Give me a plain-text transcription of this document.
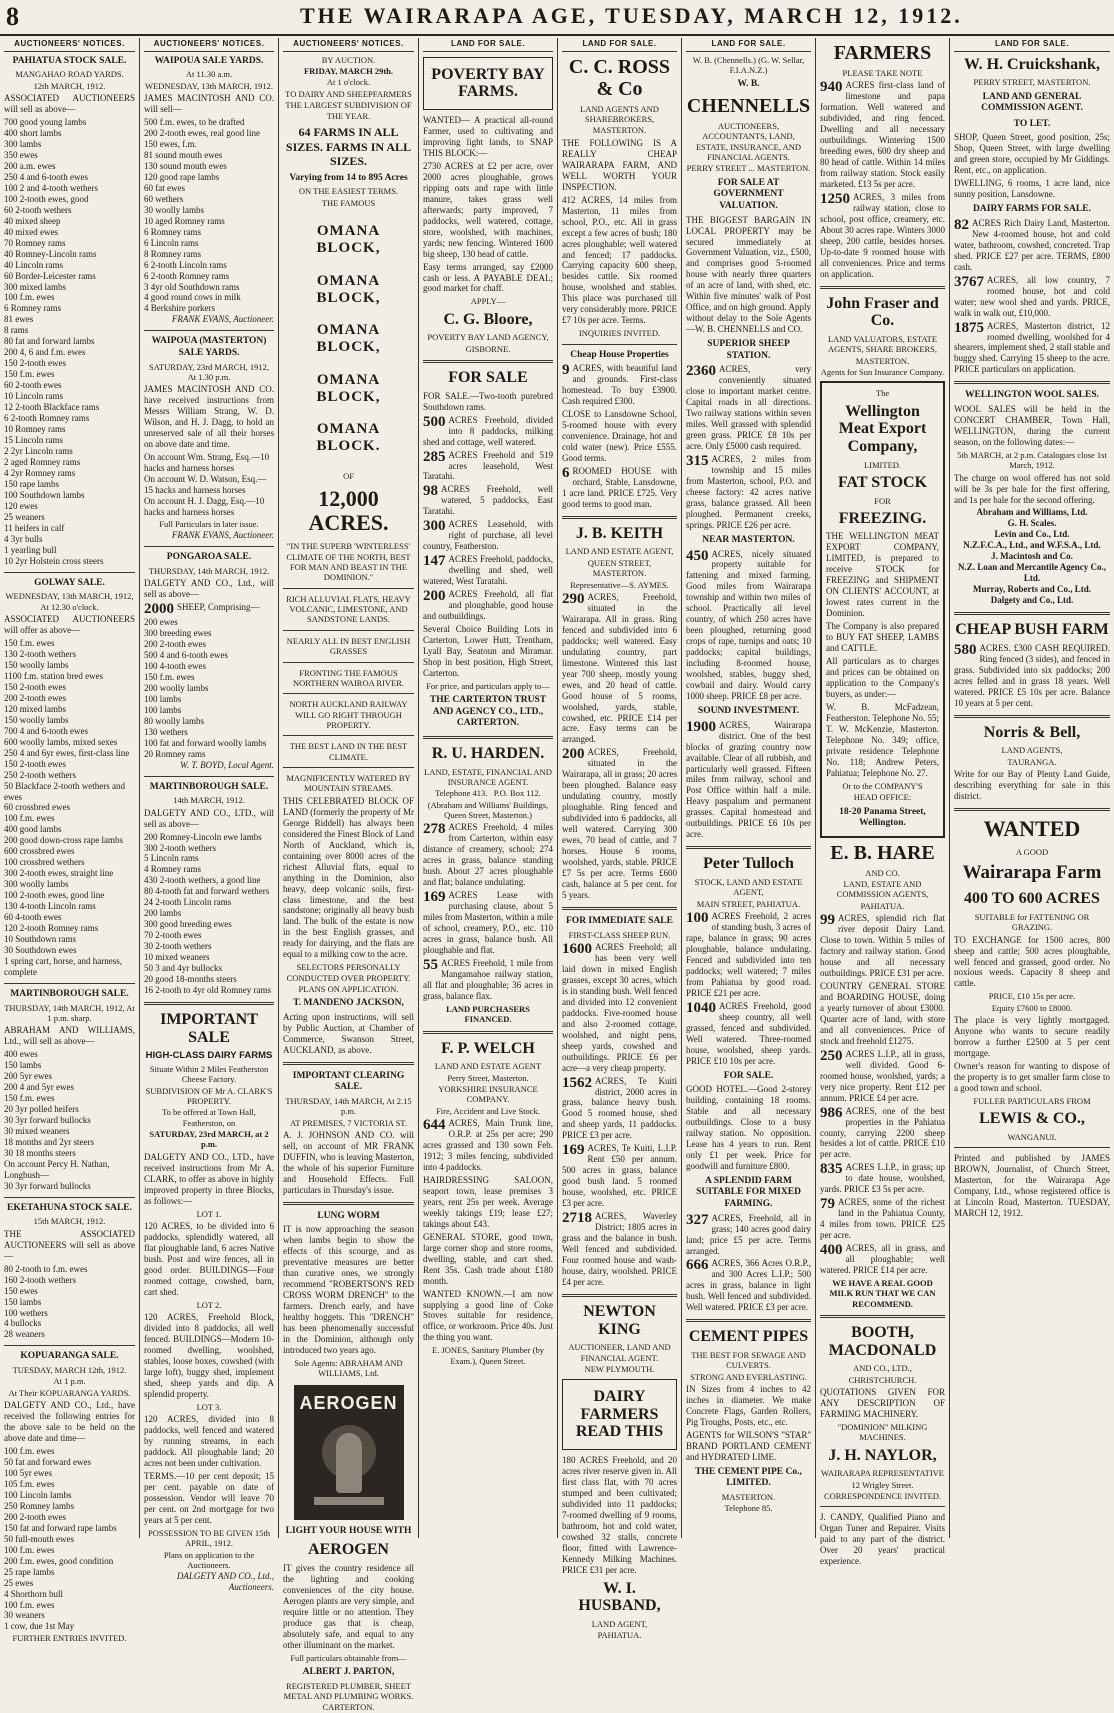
8	THE WAIRARAPA AGE, TUESDAY, MARCH 12, 1912.
AUCTIONEERS' NOTICES.
PAHIATUA STOCK SALE.
MANGAHAO ROAD YARDS.
12th MARCH, 1912.
ASSOCIATED AUCTIONEERS will sell as above—

700 good young lambs

400 short lambs

300 lambs

350 ewes

200 a.m. ewes

250 4 and 6-tooth ewes

100 2 and 4-tooth wethers

100 2-tooth ewes, good

60 2-tooth wethers

40 mixed sheep

40 mixed ewes

70 Romney rams

40 Romney-Lincoln rams

40 Lincoln rams

60 Border-Leicester rams

300 mixed lambs

100 f.m. ewes

6 Romney rams

81 ewes

8 rams

80 fat and forward lambs

200 4, 6 and f.m. ewes

150 2-tooth ewes

150 f.m. ewes

60 2-tooth ewes

10 Lincoln rams

12 2-tooth Blackface rams

6 2-tooth Romney rams

10 Romney rams

15 Lincoln rams

2 2yr Lincoln rams

2 aged Romney rams

4 2yr Romney rams

150 rape lambs

100 Southdown lambs

120 ewes

25 weaners

11 heifers in calf

4 3yr bulls

1 yearling bull

10 2yr Holstein cross steers

GOLWAY SALE.
WEDNESDAY, 13th MARCH, 1912, At 12.30 o'clock.
ASSOCIATED AUCTIONEERS will offer as above—

150 f.m. ewes

130 2-tooth wethers

150 woolly lambs

1100 f.m. station bred ewes

150 2-tooth ewes

200 2-tooth ewes

120 mixed lambs

150 woolly lambs

700 4 and 6-tooth ewes

600 woolly lambs, mixed sexes

250 4 and 6yr ewes, first-class line

150 2-tooth ewes

250 2-tooth wethers

50 Blackface 2-tooth wethers and ewes

60 crossbred ewes

100 f.m. ewes

400 good lambs

200 good down-cross rape lambs

600 crossbred ewes

100 crossbred wethers

300 2-tooth ewes, straight line

300 woolly lambs

100 2-tooth ewes, good line

130 4-tooth Lincoln rams

60 4-tooth ewes

120 2-tooth Romney rams

10 Southdown rams

30 Southdown ewes

1 spring cart, horse, and harness, complete

MARTINBOROUGH SALE.
THURSDAY, 14th MARCH, 1912, At 1 p.m. sharp.
ABRAHAM AND WILLIAMS, Ltd., will sell as above—

400 ewes

150 lambs

200 5yr ewes

200 4 and 5yr ewes

150 f.m. ewes

20 3yr polled heifers

30 3yr forward bullocks

30 mixed weaners

18 months and 2yr steers

30 18 months steers

On account Percy H. Nathan, Longbush—

30 3yr forward bullocks

EKETAHUNA STOCK SALE.
15th MARCH, 1912.
THE ASSOCIATED AUCTIONEERS will sell as above—

80 2-tooth to f.m. ewes

160 2-tooth wethers

150 ewes

150 lambs

100 wethers

4 bullocks

28 weaners

KOPUARANGA SALE.
TUESDAY, MARCH 12th, 1912.
At 1 p.m.
At Their KOPUARANGA YARDS.
DALGETY AND CO., Ltd., have received the following entries for the above sale to be held on the above date and time—

100 f.m. ewes

50 fat and forward ewes

100 5yr ewes

105 f.m. ewes

100 Lincoln lambs

250 Romney lambs

200 2-tooth ewes

150 fat and forward rape lambs

50 full-mouth ewes

100 f.m. ewes

200 f.m. ewes, good condition

25 rape lambs

25 ewes

4 Shorthorn bull

100 f.m. ewes

30 weaners

1 cow, due 1st May

FURTHER ENTRIES INVITED.
AUCTIONEERS' NOTICES.
WAIPOUA SALE YARDS.
At 11.30 a.m.
WEDNESDAY, 13th MARCH, 1912.
JAMES MACINTOSH AND CO. will sell—

500 f.m. ewes, to be drafted

200 2-tooth ewes, real good line

150 ewes, f.m.

81 sound mouth ewes

130 sound mouth ewes

120 good rape lambs

60 fat ewes

60 wethers

30 woolly lambs

10 aged Romney rams

6 Romney rams

6 Lincoln rams

8 Romney rams

6 2-tooth Lincoln rams

6 2-tooth Romney rams

3 4yr old Southdown rams

4 good round cows in milk

4 Berkshire porkers

FRANK EVANS, Auctioneer.
WAIPOUA (MASTERTON) SALE YARDS.
SATURDAY, 23rd MARCH, 1912, At 1.30 p.m.
JAMES MACINTOSH AND CO. have received instructions from Messrs William Strang, W. D. Wilson, and H. J. Dagg, to hold an unreserved sale of all their horses on above date and time.

On account Wm. Strang, Esq.—10 hacks and harness horses

On account W. D. Watson, Esq.—15 hacks and harness horses

On account H. J. Dagg, Esq.—10 hacks and harness horses

Full Particulars in later issue.
FRANK EVANS, Auctioneer.
PONGAROA SALE.
THURSDAY, 14th MARCH, 1912.
DALGETY AND CO., Ltd., will sell as above—
2000 SHEEP, Comprising—

200 ewes

300 breeding ewes

200 2-tooth ewes

500 4 and 6-tooth ewes

100 4-tooth ewes

150 f.m. ewes

200 woolly lambs

100 lambs

100 lambs

80 woolly lambs

130 wethers

100 fat and forward woolly lambs

20 Romney rams

W. T. BOYD, Local Agent.
MARTINBOROUGH SALE.
14th MARCH, 1912.
DALGETY AND CO., LTD., will sell as above—

200 Romney-Lincoln ewe lambs

300 2-tooth wethers

5 Lincoln rams

4 Romney rams

430 2-tooth wethers, a good line

80 4-tooth fat and forward wethers

24 2-tooth Lincoln rams

200 lambs

300 good breeding ewes

70 2-tooth ewes

30 2-tooth wethers

10 mixed weaners

50 3 and 4yr bullocks

20 good 18-months steers

16 2-tooth to 4yr old Romney rams

IMPORTANT SALE
HIGH-CLASS DAIRY FARMS
Situate Within 2 Miles Featherston Cheese Factory.
SUBDIVISION OF Mr A. CLARK'S PROPERTY.
To be offered at Town Hall, Featherston, on
SATURDAY, 23rd MARCH, at 2 p.m.
DALGETY AND CO., LTD., have received instructions from Mr A. CLARK, to offer as above in highly improved property in three Blocks, as follows:—
LOT 1.
120 ACRES, to be divided into 6 paddocks, splendidly watered, all flat ploughable land, 6 acres Native bush. Post and wire fences, all in good order. BUILDINGS—Four roomed cottage, cowshed, barn, cart shed.
LOT 2.
120 ACRES, Freehold Block, divided into 8 paddocks, all well fenced. BUILDINGS—Modern 10-roomed dwelling, woolshed, stables, loose boxes, cowshed (with large loft), buggy shed, implement shed, sheep yards and dip. A splendid property.
LOT 3.
120 ACRES, divided into 8 paddocks, well fenced and watered by running streams, in each paddock. All ploughable land; 20 acres not been under cultivation.
TERMS.—10 per cent deposit; 15 per cent. payable on date of possession. Vendor will leave 70 per cent. on 2nd mortgage for two years at 5 per cent.
POSSESSION TO BE GIVEN 15th APRIL, 1912.
Plans on application to the Auctioneers.
DALGETY AND CO., Ltd., Auctioneers.
AUCTIONEERS' NOTICES.
BY AUCTION.
FRIDAY, MARCH 29th.
At 1 o'clock.
TO DAIRY AND SHEEPFARMERS
THE LARGEST SUBDIVISION OF THE YEAR.
64 FARMS IN ALL SIZES. FARMS IN ALL SIZES.
Varying from 14 to 895 Acres
ON THE EASIEST TERMS.
THE FAMOUS

OMANA BLOCK,

OMANA BLOCK,

OMANA BLOCK,

OMANA BLOCK,

OMANA BLOCK.

OF
12,000 ACRES.
"IN THE SUPERB 'WINTERLESS' CLIMATE OF THE NORTH, BEST FOR MAN AND BEAST IN THE DOMINION."
RICH ALLUVIAL FLATS, HEAVY VOLCANIC, LIMESTONE, AND SANDSTONE LANDS.
NEARLY ALL IN BEST ENGLISH GRASSES
FRONTING THE FAMOUS NORTHERN WAIROA RIVER.
NORTH AUCKLAND RAILWAY WILL GO RIGHT THROUGH PROPERTY.
THE BEST LAND IN THE BEST CLIMATE.
MAGNIFICENTLY WATERED BY MOUNTAIN STREAMS.
THIS CELEBRATED BLOCK OF LAND (formerly the property of Mr George Riddell) has always been considered the Finest Block of Land North of Auckland, which is, containing over 8000 acres of the richest Alluvial flats, equal to anything in the Dominion, also heavy, deep volcanic soils, first-class limestone, and the best sandstone; originally all heavy bush land. The bulk of the estate is now in the best English grasses, and ready for dairying, and the flats are equal to a milking cow to the acre.
SELECTORS PERSONALLY CONDUCTED OVER PROPERTY.
PLANS ON APPLICATION.
T. MANDENO JACKSON,
Acting upon instructions, will sell by Public Auction, at Chamber of Commerce, Swanson Street, AUCKLAND, as above.
IMPORTANT CLEARING SALE.
THURSDAY, 14th MARCH, At 2.15 p.m.
AT PREMISES, 7 VICTORIA ST.
A. J. JOHNSON AND CO. will sell, on account of MR FRANK DUFFIN, who is leaving Masterton, the whole of his superior Furniture and Household Effects. Full particulars in Thursday's issue.
LUNG WORM
IT is now approaching the season when lambs begin to show the effects of this scourge, and as preventative measures are better than curative ones, we strongly recommend "ROBERTSON'S RED CROSS WORM DRENCH" to the farmers. Drench early, and have healthy hoggets. This "DRENCH" has been phenomenally successful in the Dominion, although only introduced two years ago.
Sole Agents: ABRAHAM AND WILLIAMS, Ltd.
AEROGEN
LIGHT YOUR HOUSE WITH
AEROGEN
IT gives the country residence all the lighting and cooking conveniences of the city house. Aerogen plants are very simple, and require little or no attention. They produce gas that is cheap, absolutely safe, and equal to any other illuminant on the market.
Full particulars obtainable from—
ALBERT J. PARTON,
REGISTERED PLUMBER, SHEET METAL AND PLUMBING WORKS.
CARTERTON.
LAND FOR SALE.
POVERTY BAY FARMS.
WANTED— A practical all-round Farmer, used to cultivating and improving light lands, to SNAP THIS BLOCK:—
2730 ACRES at £2 per acre, over 2000 acres ploughable, grows ripping oats and rape with little manure, takes grass well afterwards; party improved, 7 paddocks, well watered, cottage, store, woolshed, with machines, yards; new fencing. Wintered 1600 big sheep, 130 head of cattle.
Easy terms arranged, say £2000 cash or less. A PAYABLE DEAL; good market for chaff.
APPLY—
C. G. Bloore,
POVERTY BAY LAND AGENCY,
GISBORNE.
FOR SALE
FOR SALE.—Two-tooth purebred Southdown rams.
500 ACRES Freehold, divided into 8 paddocks, milking shed and cottage, well watered.
285 ACRES Freehold and 519 acres leasehold, West Taratahi.
98 ACRES Freehold, well watered, 5 paddocks, East Taratahi.
300 ACRES Leasehold, with right of purchase, all level country, Featherston.
147 ACRES Freehold, paddocks, dwelling and shed, well watered, West Taratahi.
200 ACRES Freehold, all flat and ploughable, good house and outbuildings.
Several Choice Building Lots in Carterton, Lower Hutt, Trentham, Lyall Bay, Seatoun and Miramar. Shop in best position, High Street, Carterton.
For price, and particulars apply to—
THE CARTERTON TRUST AND AGENCY CO., LTD., CARTERTON.
R. U. HARDEN.
LAND, ESTATE, FINANCIAL AND INSURANCE AGENT.
Telephone 413. P.O. Box 112.
(Abraham and Williams' Buildings, Queen Street, Masterton.)
278 ACRES Freehold, 4 miles from Carterton, within easy distance of creamery, school; 274 acres in grass, balance standing bush. About 27 acres ploughable and flat; balance undulating.
169 ACRES Lease with purchasing clause, about 5 miles from Masterton, within a mile of school, creamery, P.O., etc. 110 acres in grass, balance bush. All ploughable and flat.
55 ACRES Freehold, 1 mile from Mangamahoe railway station, all flat and ploughable; 36 acres in grass, balance flax.
LAND PURCHASERS FINANCED.
F. P. WELCH
LAND AND ESTATE AGENT
Perry Street, Masterton.
YORKSHIRE INSURANCE COMPANY.
Fire, Accident and Live Stock.
644 ACRES, Main Trunk line, O.R.P. at 25s per acre; 290 acres grassed and 130 sown Feb. 1912; 3 miles fencing, subdivided into 4 paddocks.
HAIRDRESSING SALOON, seaport town, lease premises 3 years, rent 25s per week. Average weekly takings £19; lease £27; takings about £43.
GENERAL STORE, good town, large corner shop and store rooms, dwelling, stable, and cart shed. Rent 35s. Cash trade about £180 month.
WANTED KNOWN.—I am now supplying a good line of Coke Stoves suitable for residence, office, or workroom. Price 40s. Just the thing you want.
E. JONES, Sanitary Plumber (by Exam.), Queen Street.
LAND FOR SALE.
C. C. ROSS & Co
LAND AGENTS AND SHAREBROKERS,
MASTERTON.
THE FOLLOWING IS A REALLY CHEAP WAIRARAPA FARM, AND WELL WORTH YOUR INSPECTION.
412 ACRES, 14 miles from Masterton, 11 miles from school, P.O., etc. All in grass except a few acres of bush; 180 acres ploughable; well watered and fenced; 17 paddocks. Carrying capacity 600 sheep, besides cattle. Six roomed house, woolshed and stables. This place was purchased till very considerably more. PRICE £7 10s per acre. Terms.
INQUIRIES INVITED.
Cheap House Properties
9 ACRES, with beautiful land and grounds. First-class homestead. To buy £3900. Cash required £300.
CLOSE to Lansdowne School, 5-roomed house with every convenience. Drainage, hot and cold water (new). Price £555. Good terms.
6 ROOMED HOUSE with orchard, Stable, Lansdowne, 1 acre land. PRICE £725. Very good terms to good man.
J. B. KEITH
LAND AND ESTATE AGENT,
QUEEN STREET, MASTERTON.
Representative—S. AYMES.
290 ACRES, Freehold, situated in the Wairarapa. All in grass. Ring fenced and subdivided into 6 paddocks; well watered. Easy undulating country, part limestone. Wintered this last year 700 sheep, mostly young ewes, and 20 head of cattle. Good house of 5 rooms, woolshed, yards, stable, cowshed, etc. PRICE £14 per acre. Easy terms can be arranged.
200 ACRES, Freehold, situated in the Wairarapa, all in grass; 20 acres been ploughed. Balance easy undulating country, mostly ploughable. Ring fenced and subdivided into 6 paddocks, all well watered. Carrying 300 ewes, 70 head of cattle, and 7 horses. House 6 rooms, woolshed, yards, stable. PRICE £7 5s per acre. Terms £600 cash, balance at 5 per cent. for 5 years.
FOR IMMEDIATE SALE
FIRST-CLASS SHEEP RUN.
1600 ACRES Freehold; all has been very well laid down in mixed English grasses, except 30 acres, which is in standing bush. Well fenced and divided into 12 convenient paddocks. Five-roomed house and also 2-roomed cottage, woolshed, and night pens, sheep yards, cowshed and outbuildings. PRICE £6 per acre—a very cheap property.
1562 ACRES, Te Kuiti district, 2000 acres in grass, balance heavy bush. Good 5 roomed house, shed and sheep yards, 11 paddocks. PRICE £3 per acre.
169 ACRES, Te Kuiti, L.I.P. Rent £50 per annum. 500 acres in grass, balance good bush land. 5 roomed house, woolshed, etc. PRICE £3 per acre.
2718 ACRES, Waverley District; 1805 acres in grass and the balance in bush. Well fenced and subdivided. Four roomed house and wash-house, dairy, woolshed. PRICE £4 per acre.
NEWTON KING
AUCTIONEER, LAND AND FINANCIAL AGENT.
NEW PLYMOUTH.
DAIRY FARMERS READ THIS
180 ACRES Freehold, and 20 acres river reserve given in. All first class flat, with 70 acres stumped and been cultivated; subdivided into 11 paddocks; 7-roomed dwelling of 9 rooms, bathroom, hot and cold water, cowshed 32 stalls, concrete floor, fitted with Lawrence-Kennedy Milking Machines. PRICE £31 per acre.
W. I. HUSBAND,
LAND AGENT,
PAHIATUA.
LAND FOR SALE.
W. B. (Chennells.) (G. W. Sellar, F.I.A.N.Z.)
W. B.
CHENNELLS
AUCTIONEERS, ACCOUNTANTS, LAND, ESTATE, INSURANCE, AND FINANCIAL AGENTS.
PERRY STREET ... MASTERTON.
FOR SALE AT GOVERNMENT VALUATION.
THE BIGGEST BARGAIN IN LOCAL PROPERTY may be secured immediately at Government Valuation, viz., £500, and comprises good 5-roomed house with nearly three quarters of an acre of land, with shed, etc. Within five minutes' walk of Post Office, and on high ground. Apply without delay to the Sole Agents—W. B. CHENNELLS and CO.
SUPERIOR SHEEP STATION.
2360 ACRES, very conveniently situated close to important market centre. Capital roads in all directions. Two railway stations within seven miles. Well grassed with splendid green grass. PRICE £8 10s per acre. Only £5000 cash required.
315 ACRES, 2 miles from township and 15 miles from Masterton, school, P.O. and cheese factory: 42 acres native grass, balance grassed. All been ploughed. Permanent creeks, springs. PRICE £26 per acre.
NEAR MASTERTON.
450 ACRES, nicely situated property suitable for fattening and mixed farming. Good miles from Wairarapa township and within two miles of school. Practically all level country, of which 250 acres have been ploughed, returning good crops of rape, turnips and oats; 10 paddocks; capital buildings, including 8-roomed house, woolshed, stables, buggy shed, cowbail and dairy. Would carry 1000 sheep. PRICE £8 per acre.
SOUND INVESTMENT.
1900 ACRES, Wairarapa district. One of the best blocks of grazing country now available. Clear of all rubbish, and particularly well grassed. Fifteen miles from railway, school and Post Office within half a mile. Heavy paspalum and permanent grasses. Capital homestead and outbuildings. PRICE £6 10s per acre.
Peter Tulloch
STOCK, LAND AND ESTATE AGENT,
MAIN STREET, PAHIATUA.
100 ACRES Freehold, 2 acres of standing bush, 3 acres of rape, balance in grass; 90 acres ploughable, balance undulating. Fenced and subdivided into ten paddocks; well watered; 7 miles from Pahiatua by good road. PRICE £21 per acre.
1040 ACRES Freehold, good sheep country, all well grassed, fenced and subdivided. Well watered. Three-roomed house, woolshed, sheep yards. PRICE £10 10s per acre.
FOR SALE.
GOOD HOTEL.—Good 2-storey building, containing 18 rooms. Stable and all necessary outbuildings. Close to a busy railway station. No opposition. Lease has 4 years to run. Rent only £1 per week. Price for goodwill and furniture £800.
A SPLENDID FARM SUITABLE FOR MIXED FARMING.
327 ACRES, Freehold, all in grass; 140 acres good dairy land; price £5 per acre. Terms arranged.
666 ACRES, 366 Acres O.R.P., and 300 Acres L.I.P.; 500 acres in grass, balance in light bush. Well fenced and subdivided. Well watered. PRICE £3 per acre.
CEMENT PIPES
THE BEST FOR SEWAGE AND CULVERTS.
STRONG AND EVERLASTING.
IN Sizes from 4 inches to 42 inches in diameter. We make Concrete Flags, Garden Rollers, Pig Troughs, Posts, etc., etc.
AGENTS for WILSON'S "STAR" BRAND PORTLAND CEMENT and HYDRATED LIME.
THE CEMENT PIPE Co., LIMITED.
MASTERTON.
Telephone 85.
FARMERS
PLEASE TAKE NOTE
940 ACRES first-class land of limestone and papa formation. Well watered and subdivided, and ring fenced. Dwelling and all necessary outbuildings. Wintering 1500 breeding ewes, 600 dry sheep and 80 head of cattle. Within 14 miles from railway station. Stock easily marketed. £13 5s per acre.
1250 ACRES, 3 miles from railway station, close to school, post office, creamery, etc. About 30 acres rape. Winters 3000 sheep, 200 cattle, besides horses. Up-to-date 9 roomed house with all conveniences. Price and terms on application.
John Fraser and Co.
LAND VALUATORS, ESTATE AGENTS, SHARE BROKERS,
MASTERTON.
Agents for Sun Insurance Company.
The
Wellington Meat Export Company,
LIMITED.
FAT STOCK
FOR
FREEZING.
THE WELLINGTON MEAT EXPORT COMPANY, LIMITED, is prepared to receive STOCK for FREEZING and SHIPMENT ON CLIENTS' ACCOUNT, at lowest rates current in the Dominion.
The Company is also prepared to BUY FAT SHEEP, LAMBS and CATTLE.
All particulars as to charges and prices can be obtained on application to the Company's buyers, as under:—
W. B. McFadzean, Featherston. Telephone No. 55; T. W. McKenzie, Masterton. Telephone No. 349; office, private residence Telephone No. 118; Andrew Peters, Pahiatua; Telephone No. 27.
Or to the COMPANY'S
HEAD OFFICE:
18-20 Panama Street, Wellington.
E. B. HARE
AND CO.
LAND, ESTATE AND COMMISSION AGENTS,
PAHIATUA.
99 ACRES, splendid rich flat river deposit Dairy Land. Close to town. Within 5 miles of factory and railway station. Good house and all necessary outbuildings. PRICE £31 per acre.
COUNTRY GENERAL STORE and BOARDING HOUSE, doing a yearly turnover of about £3000. Quarter acre of land, with store and all conveniences. Price of stock and freehold £1275.
250 ACRES L.I.P., all in grass, well divided. Good 6-roomed house, woolshed, yards; a very nice property. Rent £12 per annum. PRICE £4 per acre.
986 ACRES, one of the best properties in the Pahiatua county, carrying 2200 sheep besides a lot of cattle. PRICE £10 per acre.
835 ACRES L.I.P., in grass; up to date house, woolshed, yards. PRICE £3 5s per acre.
79 ACRES, some of the richest land in the Pahiatua County, 4 miles from town. PRICE £25 per acre.
400 ACRES, all in grass, and all ploughable; well watered. PRICE £14 per acre.
WE HAVE A REAL GOOD MILK RUN THAT WE CAN RECOMMEND.
BOOTH, MACDONALD
AND CO., LTD.,
CHRISTCHURCH.
QUOTATIONS GIVEN FOR ANY DESCRIPTION OF FARMING MACHINERY.
"DOMINION" MILKING MACHINES.
J. H. NAYLOR,
WAIRARAPA REPRESENTATIVE
12 Wrigley Street.
CORRESPONDENCE INVITED.
J. CANDY, Qualified Piano and Organ Tuner and Repairer. Visits paid to any part of the district. Over 20 years' practical experience.
LAND FOR SALE.
W. H. Cruickshank,
PERRY STREET, MASTERTON.
LAND AND GENERAL COMMISSION AGENT.
TO LET.
SHOP, Queen Street, good position, 25s; Shop, Queen Street, with large dwelling and green store, occupied by Mr Giddings. Rent, etc., on application.
DWELLING, 6 rooms, 1 acre land, nice sunny position, Lansdowne.
DAIRY FARMS FOR SALE.
82 ACRES Rich Dairy Land, Masterton. New 4-roomed house, hot and cold water, bathroom, cowshed, concreted. Trap shed. PRICE £27 per acre. TERMS, £800 cash.
3767 ACRES, all low country, 7 roomed house, hot and cold water; new wool shed and yards. PRICE, walk in walk out, £10,000.
1875 ACRES, Masterton district, 12 roomed dwelling, woolshed for 4 shearers, implement shed, 2 stall stable and buggy shed. Carrying 15 sheep to the acre. PRICE particulars on application.
WELLINGTON WOOL SALES.
WOOL SALES will be held in the CONCERT CHAMBER, Town Hall, WELLINGTON, during the current season, on the following dates:—
5th MARCH, at 2 p.m. Catalogues close 1st March, 1912.
The charge on wool offered has not sold will be 3s per bale for the first offering, and 1s per bale for the second offering.

Abraham and Williams, Ltd.

G. H. Scales.

Levin and Co., Ltd.

N.Z.F.C.A., Ltd., and W.F.S.A., Ltd.

J. Macintosh and Co.

N.Z. Loan and Mercantile Agency Co., Ltd.

Murray, Roberts and Co., Ltd.

Dalgety and Co., Ltd.

CHEAP BUSH FARM
580 ACRES. £300 CASH REQUIRED. Ring fenced (3 sides), and fenced in grass. Subdivided into six paddocks; 200 acres felled and in grass 18 years. Well watered. PRICE £5 10s per acre. Balance 10 years at 5 per cent.
Norris & Bell,
LAND AGENTS,
TAURANGA.
Write for our Bay of Plenty Land Guide, describing everything for sale in this district.
WANTED
A GOOD
Wairarapa Farm
400 TO 600 ACRES
SUITABLE for FATTENING OR GRAZING.
TO EXCHANGE for 1500 acres, 800 sheep and cattle; 500 acres ploughable, well fenced and grassed, good order. No noxious weeds. Capacity 8 sheep and cattle.
PRICE, £10 15s per acre.
Equity £7600 to £8000.
The place is very lightly mortgaged. Anyone who wants to secure readily borrow a further £2500 at 5 per cent mortgage.
Owner's reason for wanting to dispose of the property is to get smaller farm close to a good town and school.
FULLER PARTICULARS FROM
LEWIS & CO.,
WANGANUI.
Printed and published by JAMES BROWN, Journalist, of Church Street, Masterton, for the Wairarapa Age Company, Ltd., whose registered office is at Lincoln Road, Masterton. TUESDAY, MARCH 12, 1912.
